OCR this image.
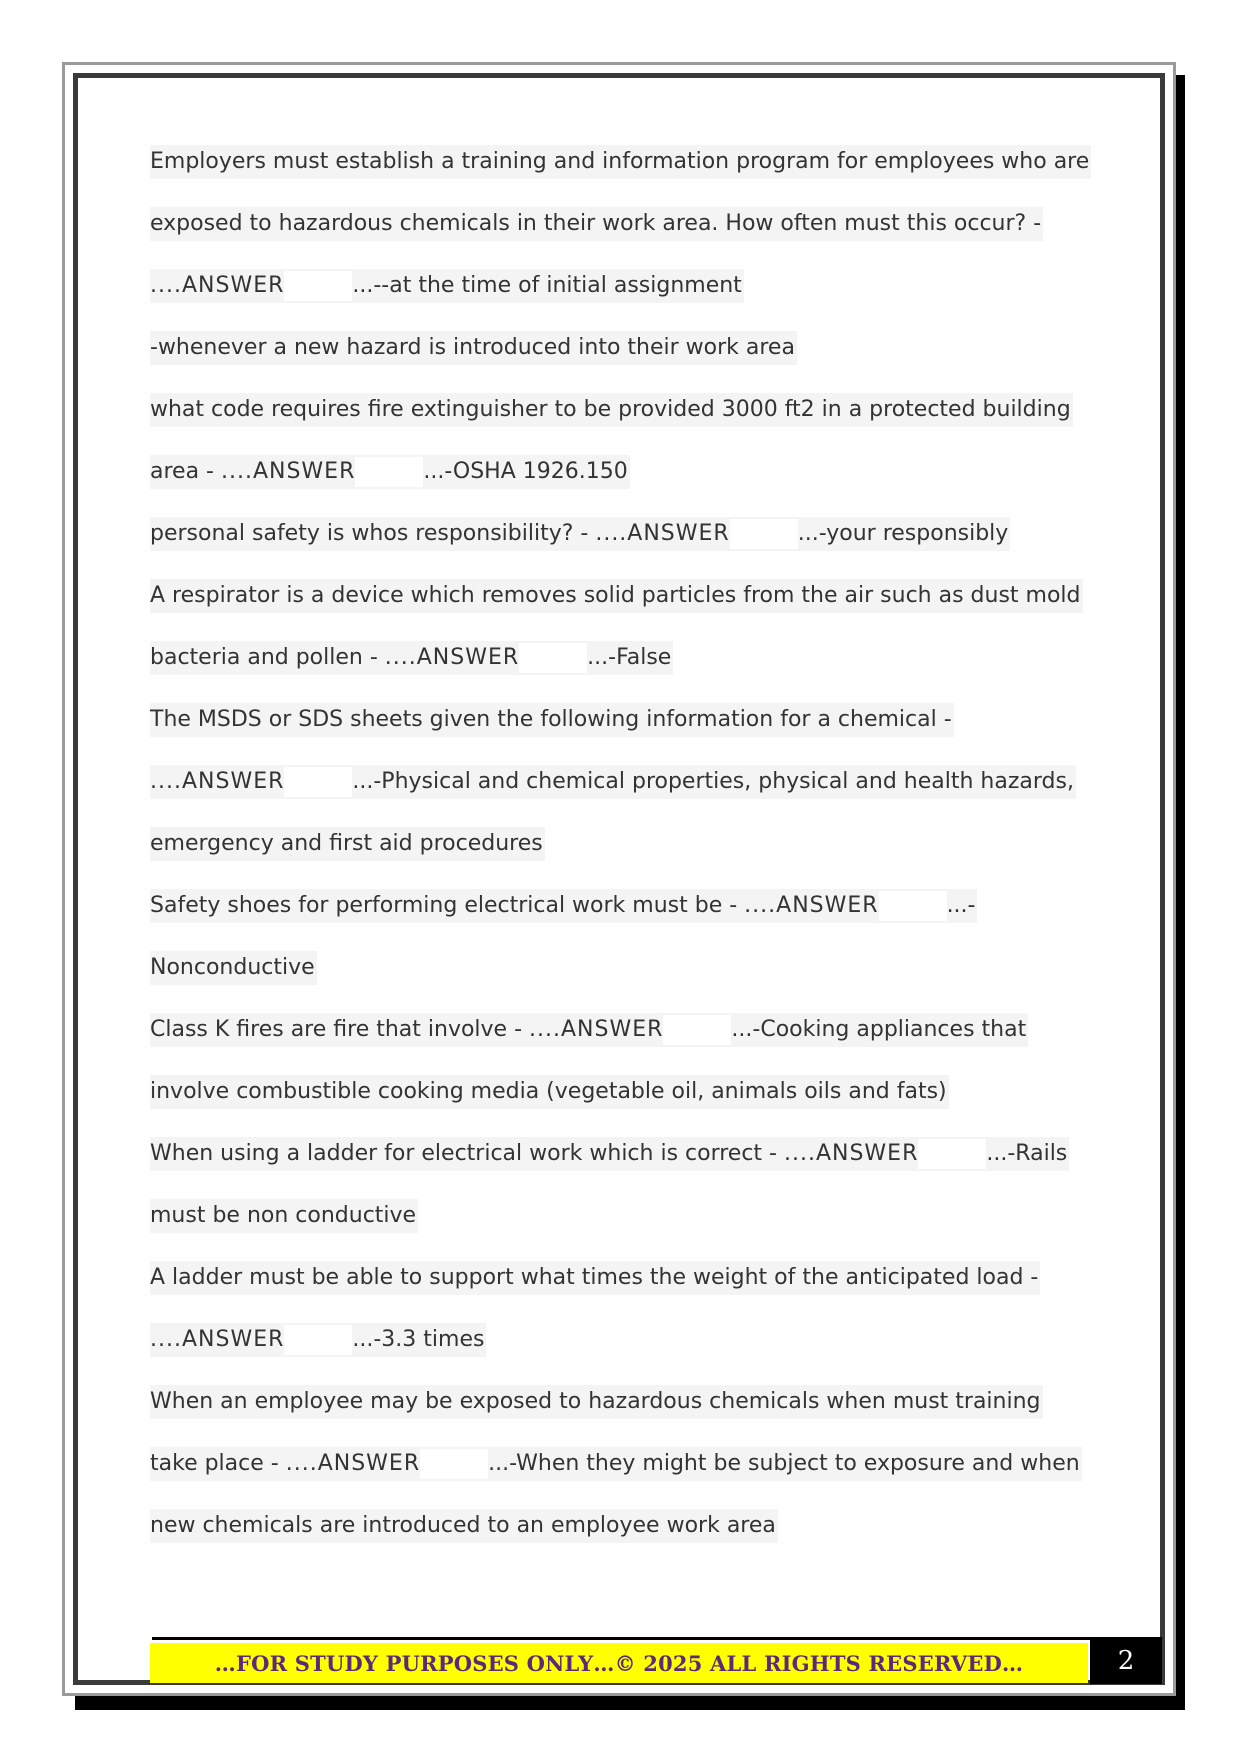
Employers must establish a training and information program for employees who are
exposed to hazardous chemicals in their work area. How often must this occur? -
....ANSWER	...--at the time of initial assignment
-whenever a new hazard is introduced into their work area
what code requires fire extinguisher to be provided 3000 ft2 in a protected building
area - ....ANSWER	...-OSHA 1926.150
personal safety is whos responsibility? - ....ANSWER	...-your responsibly
A respirator is a device which removes solid particles from the air such as dust mold
bacteria and pollen - ....ANSWER	...-False
The MSDS or SDS sheets given the following information for a chemical -
....ANSWER	...-Physical and chemical properties, physical and health hazards,
emergency and first aid procedures
Safety shoes for performing electrical work must be - ....ANSWER	...-
Nonconductive
Class K fires are fire that involve - ....ANSWER	...-Cooking appliances that
involve combustible cooking media (vegetable oil, animals oils and fats)
When using a ladder for electrical work which is correct - ....ANSWER	...-Rails
must be non conductive
A ladder must be able to support what times the weight of the anticipated load -
....ANSWER	...-3.3 times
When an employee may be exposed to hazardous chemicals when must training
take place - ....ANSWER	...-When they might be subject to exposure and when
new chemicals are introduced to an employee work area
…FOR STUDY PURPOSES ONLY…© 2025 ALL RIGHTS RESERVED…	2
